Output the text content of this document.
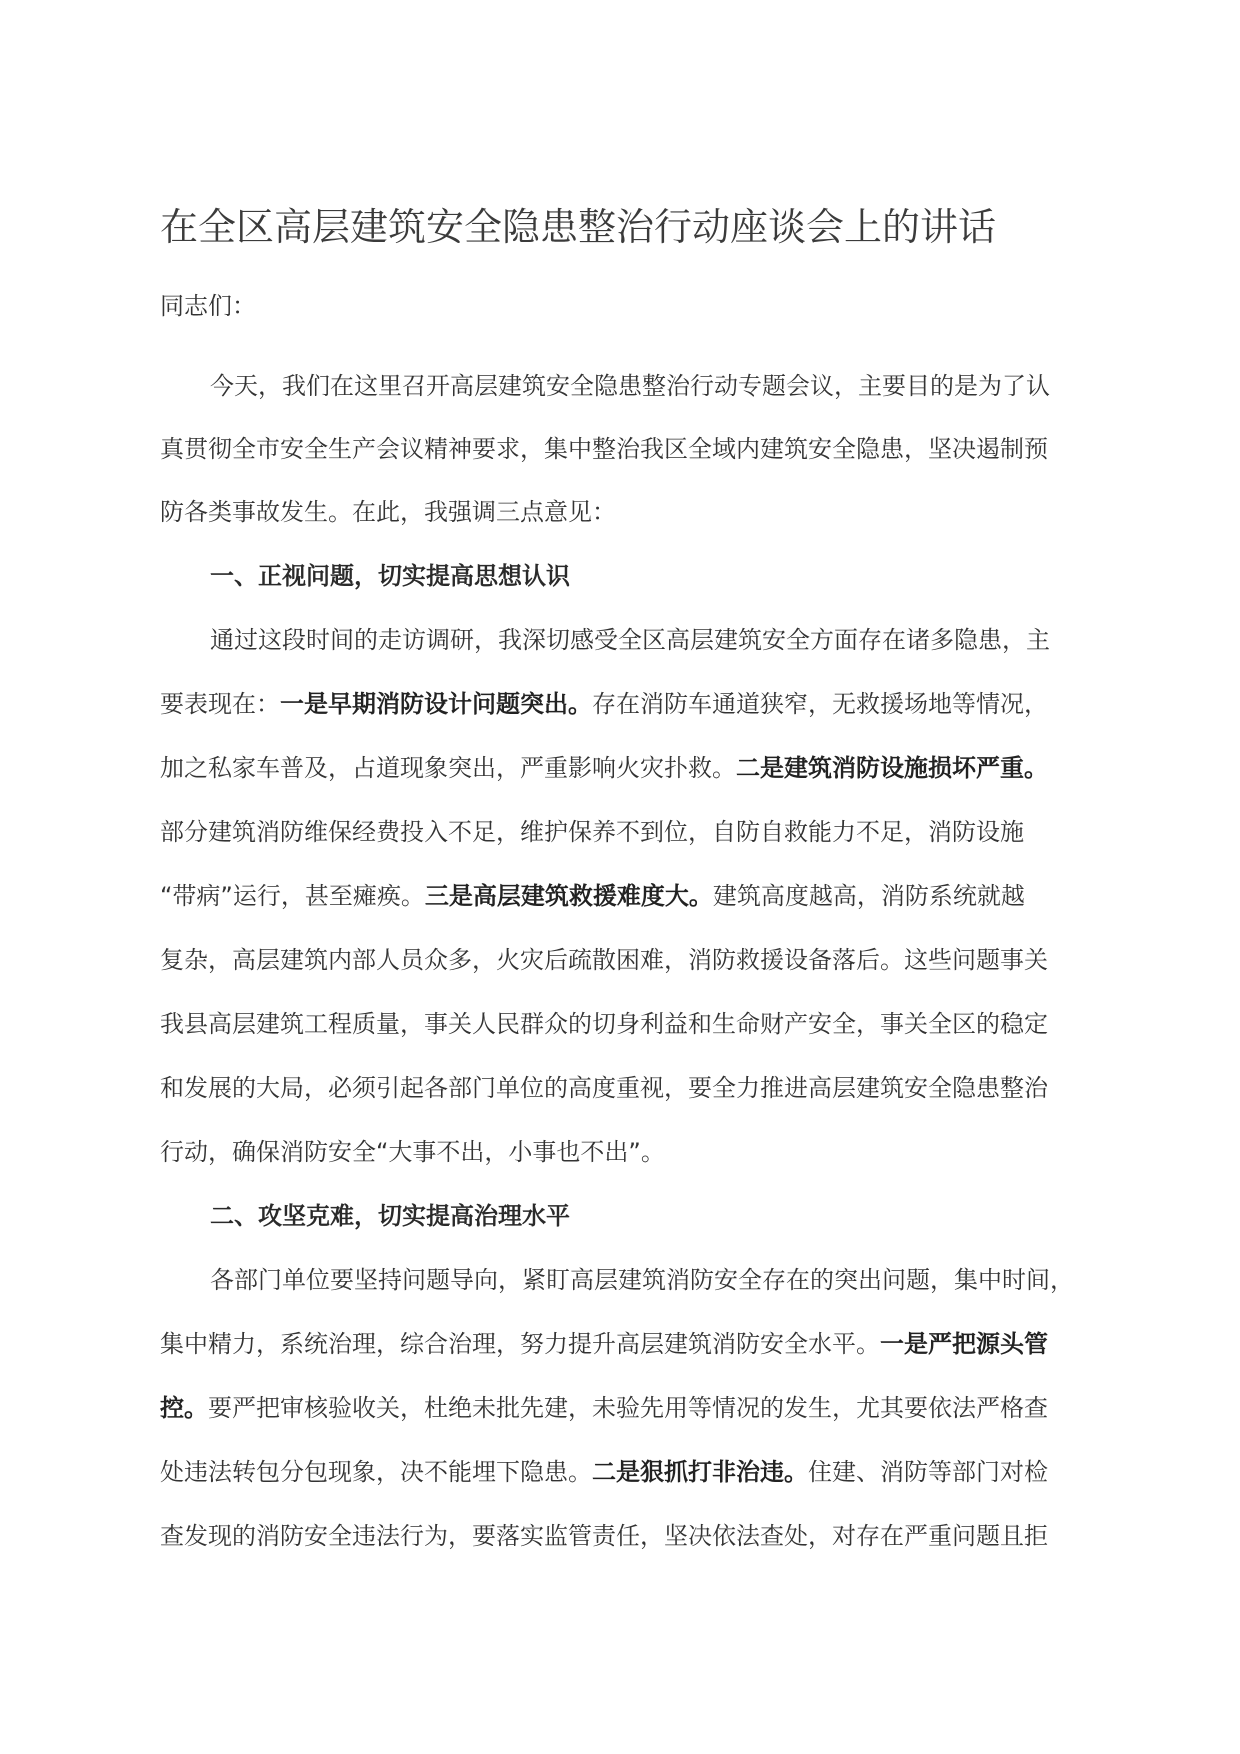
在全区高层建筑安全隐患整治行动座谈会上的讲话

同志们：

今天，我们在这里召开高层建筑安全隐患整治行动专题会议，主要目的是为了认

真贯彻全市安全生产会议精神要求，集中整治我区全域内建筑安全隐患，坚决遏制预

防各类事故发生。在此，我强调三点意见：

一、正视问题，切实提高思想认识

通过这段时间的走访调研，我深切感受全区高层建筑安全方面存在诸多隐患，主

要表现在：一是早期消防设计问题突出。存在消防车通道狭窄，无救援场地等情况，

加之私家车普及，占道现象突出，严重影响火灾扑救。二是建筑消防设施损坏严重。

部分建筑消防维保经费投入不足，维护保养不到位，自防自救能力不足，消防设施

“带病”运行，甚至瘫痪。三是高层建筑救援难度大。建筑高度越高，消防系统就越

复杂，高层建筑内部人员众多，火灾后疏散困难，消防救援设备落后。这些问题事关

我县高层建筑工程质量，事关人民群众的切身利益和生命财产安全，事关全区的稳定

和发展的大局，必须引起各部门单位的高度重视，要全力推进高层建筑安全隐患整治

行动，确保消防安全“大事不出，小事也不出”。

二、攻坚克难，切实提高治理水平

各部门单位要坚持问题导向，紧盯高层建筑消防安全存在的突出问题，集中时间，

集中精力，系统治理，综合治理，努力提升高层建筑消防安全水平。一是严把源头管

控。要严把审核验收关，杜绝未批先建，未验先用等情况的发生，尤其要依法严格查

处违法转包分包现象，决不能埋下隐患。二是狠抓打非治违。住建、消防等部门对检

查发现的消防安全违法行为，要落实监管责任，坚决依法查处，对存在严重问题且拒
